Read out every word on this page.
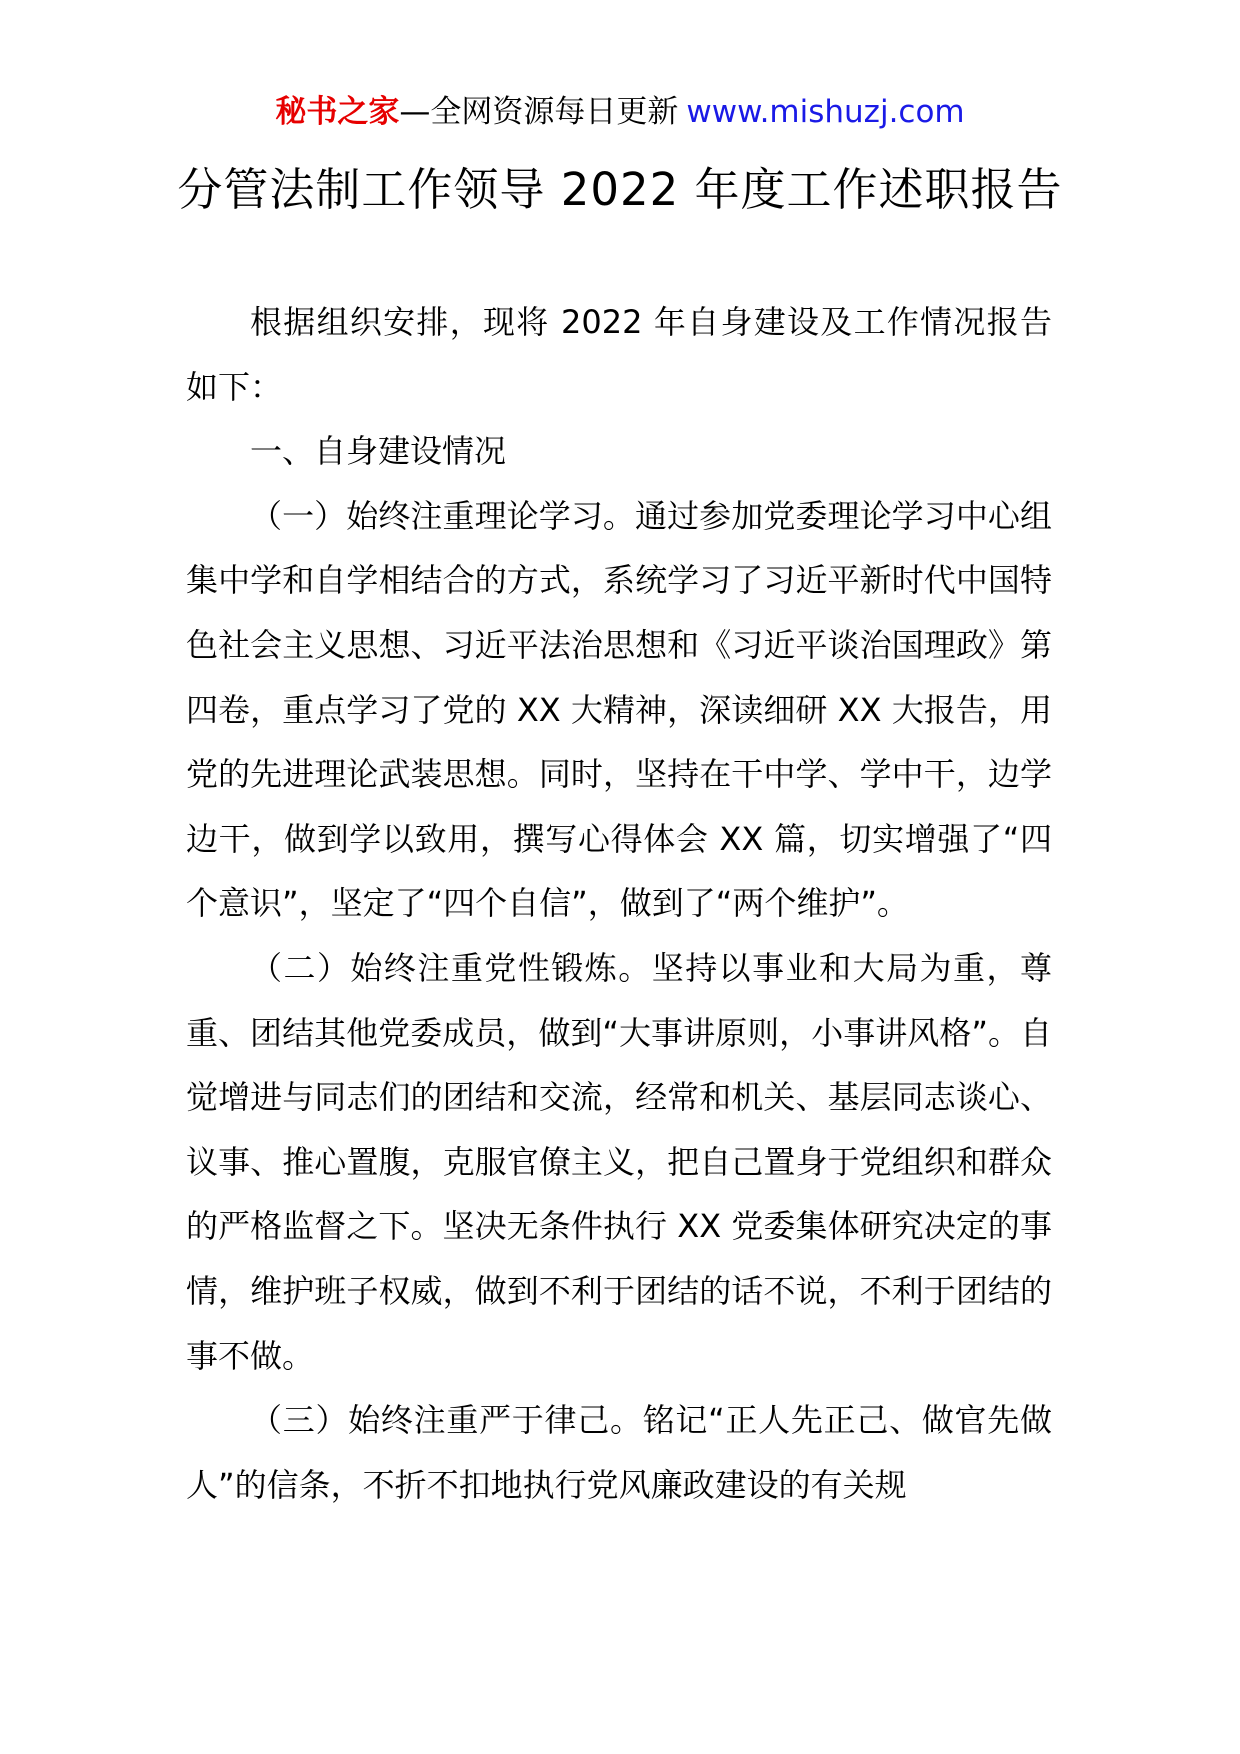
秘书之家—全网资源每日更新 www.mishuzj.com
分管法制工作领导 2022 年度工作述职报告

根据组织安排，现将 2022 年自身建设及工作情况报告如下：

一、自身建设情况

（一）始终注重理论学习。通过参加党委理论学习中心组集中学和自学相结合的方式，系统学习了习近平新时代中国特色社会主义思想、习近平法治思想和《习近平谈治国理政》第四卷，重点学习了党的 XX 大精神，深读细研 XX 大报告，用党的先进理论武装思想。同时，坚持在干中学、学中干，边学边干，做到学以致用，撰写心得体会 XX 篇，切实增强了“四个意识”，坚定了“四个自信”，做到了“两个维护”。

（二）始终注重党性锻炼。坚持以事业和大局为重，尊重、团结其他党委成员，做到“大事讲原则，小事讲风格”。自觉增进与同志们的团结和交流，经常和机关、基层同志谈心、议事、推心置腹，克服官僚主义，把自己置身于党组织和群众的严格监督之下。坚决无条件执行 XX 党委集体研究决定的事情，维护班子权威，做到不利于团结的话不说，不利于团结的事不做。

（三）始终注重严于律己。铭记“正人先正己、做官先做人”的信条，不折不扣地执行党风廉政建设的有关规
